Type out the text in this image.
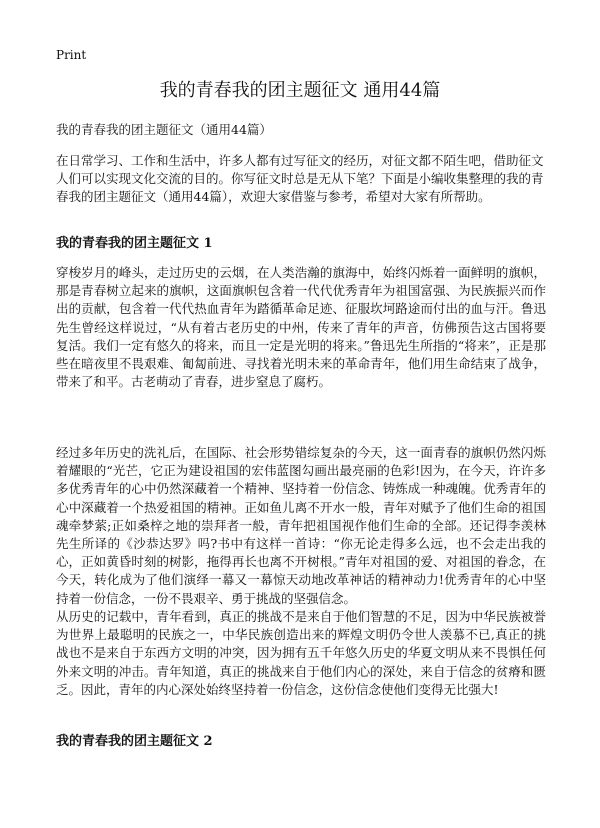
Print
我的青春我的团主题征文 通用44篇
我的青春我的团主题征文（通用44篇）

在日常学习、工作和生活中，许多人都有过写征文的经历，对征文都不陌生吧，借助征文人们可以实现文化交流的目的。你写征文时总是无从下笔？下面是小编收集整理的我的青春我的团主题征文（通用44篇），欢迎大家借鉴与参考，希望对大家有所帮助。

我的青春我的团主题征文 1

穿梭岁月的峰头，走过历史的云烟，在人类浩瀚的旗海中，始终闪烁着一面鲜明的旗帜，那是青春树立起来的旗帜，这面旗帜包含着一代代优秀青年为祖国富强、为民族振兴而作出的贡献，包含着一代代热血青年为踏循革命足迹、征服坎坷路途而付出的血与汗。鲁迅先生曾经这样说过，“从有着古老历史的中州，传来了青年的声音，仿佛预告这古国将要复活。我们一定有悠久的将来，而且一定是光明的将来。”鲁迅先生所指的“将来”，正是那些在暗夜里不畏艰难、匍匐前进、寻找着光明未来的革命青年，他们用生命结束了战争，带来了和平。古老萌动了青春，进步窒息了腐朽。

经过多年历史的洗礼后，在国际、社会形势错综复杂的今天，这一面青春的旗帜仍然闪烁着耀眼的“光芒，它正为建设祖国的宏伟蓝图勾画出最亮丽的色彩!因为，在今天，许许多多优秀青年的心中仍然深藏着一个精神、坚持着一份信念、铸炼成一种魂魄。优秀青年的心中深藏着一个热爱祖国的精神。正如鱼儿离不开水一般，青年对赋予了他们生命的祖国魂牵梦萦;正如桑梓之地的崇拜者一般，青年把祖国视作他们生命的全部。还记得李羡林先生所译的《沙恭达罗》吗?书中有这样一首诗：“你无论走得多么远，也不会走出我的心，正如黄昏时刻的树影，拖得再长也离不开树根。”青年对祖国的爱、对祖国的眷念，在今天，转化成为了他们演绎一幕又一幕惊天动地改革神话的精神动力!优秀青年的心中坚持着一份信念，一份不畏艰辛、勇于挑战的坚强信念。

从历史的记载中，青年看到，真正的挑战不是来自于他们智慧的不足，因为中华民族被誉为世界上最聪明的民族之一，中华民族创造出来的辉煌文明仍令世人羡慕不已,真正的挑战也不是来自于东西方文明的冲突，因为拥有五千年悠久历史的华夏文明从来不畏惧任何外来文明的冲击。青年知道，真正的挑战来自于他们内心的深处，来自于信念的贫瘠和匮乏。因此，青年的内心深处始终坚持着一份信念，这份信念使他们变得无比强大!

我的青春我的团主题征文 2
